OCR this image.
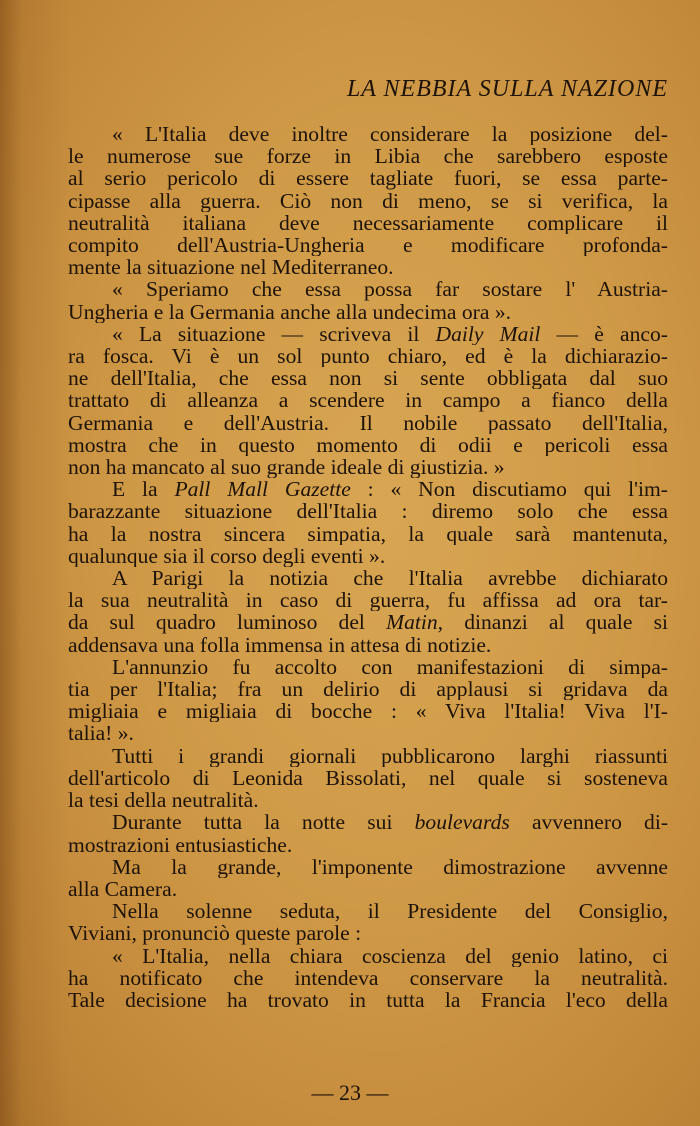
LA NEBBIA SULLA NAZIONE
« L'Italia deve inoltre considerare la posizione del-
le numerose sue forze in Libia che sarebbero esposte
al serio pericolo di essere tagliate fuori, se essa parte-
cipasse alla guerra. Ciò non di meno, se si verifica, la
neutralità italiana deve necessariamente complicare il
compito dell'Austria-Ungheria e modificare profonda-
mente la situazione nel Mediterraneo.
« Speriamo che essa possa far sostare l' Austria-
Ungheria e la Germania anche alla undecima ora ».
« La situazione — scriveva il Daily Mail — è anco-
ra fosca. Vi è un sol punto chiaro, ed è la dichiarazio-
ne dell'Italia, che essa non si sente obbligata dal suo
trattato di alleanza a scendere in campo a fianco della
Germania e dell'Austria. Il nobile passato dell'Italia,
mostra che in questo momento di odii e pericoli essa
non ha mancato al suo grande ideale di giustizia. »
E la Pall Mall Gazette : « Non discutiamo qui l'im-
barazzante situazione dell'Italia : diremo solo che essa
ha la nostra sincera simpatia, la quale sarà mantenuta,
qualunque sia il corso degli eventi ».
A Parigi la notizia che l'Italia avrebbe dichiarato
la sua neutralità in caso di guerra, fu affissa ad ora tar-
da sul quadro luminoso del Matin, dinanzi al quale si
addensava una folla immensa in attesa di notizie.
L'annunzio fu accolto con manifestazioni di simpa-
tia per l'Italia; fra un delirio di applausi si gridava da
migliaia e migliaia di bocche : « Viva l'Italia! Viva l'I-
talia! ».
Tutti i grandi giornali pubblicarono larghi riassunti
dell'articolo di Leonida Bissolati, nel quale si sosteneva
la tesi della neutralità.
Durante tutta la notte sui boulevards avvennero di-
mostrazioni entusiastiche.
Ma la grande, l'imponente dimostrazione avvenne
alla Camera.
Nella solenne seduta, il Presidente del Consiglio,
Viviani, pronunciò queste parole :
« L'Italia, nella chiara coscienza del genio latino, ci
ha notificato che intendeva conservare la neutralità.
Tale decisione ha trovato in tutta la Francia l'eco della
— 23 —
